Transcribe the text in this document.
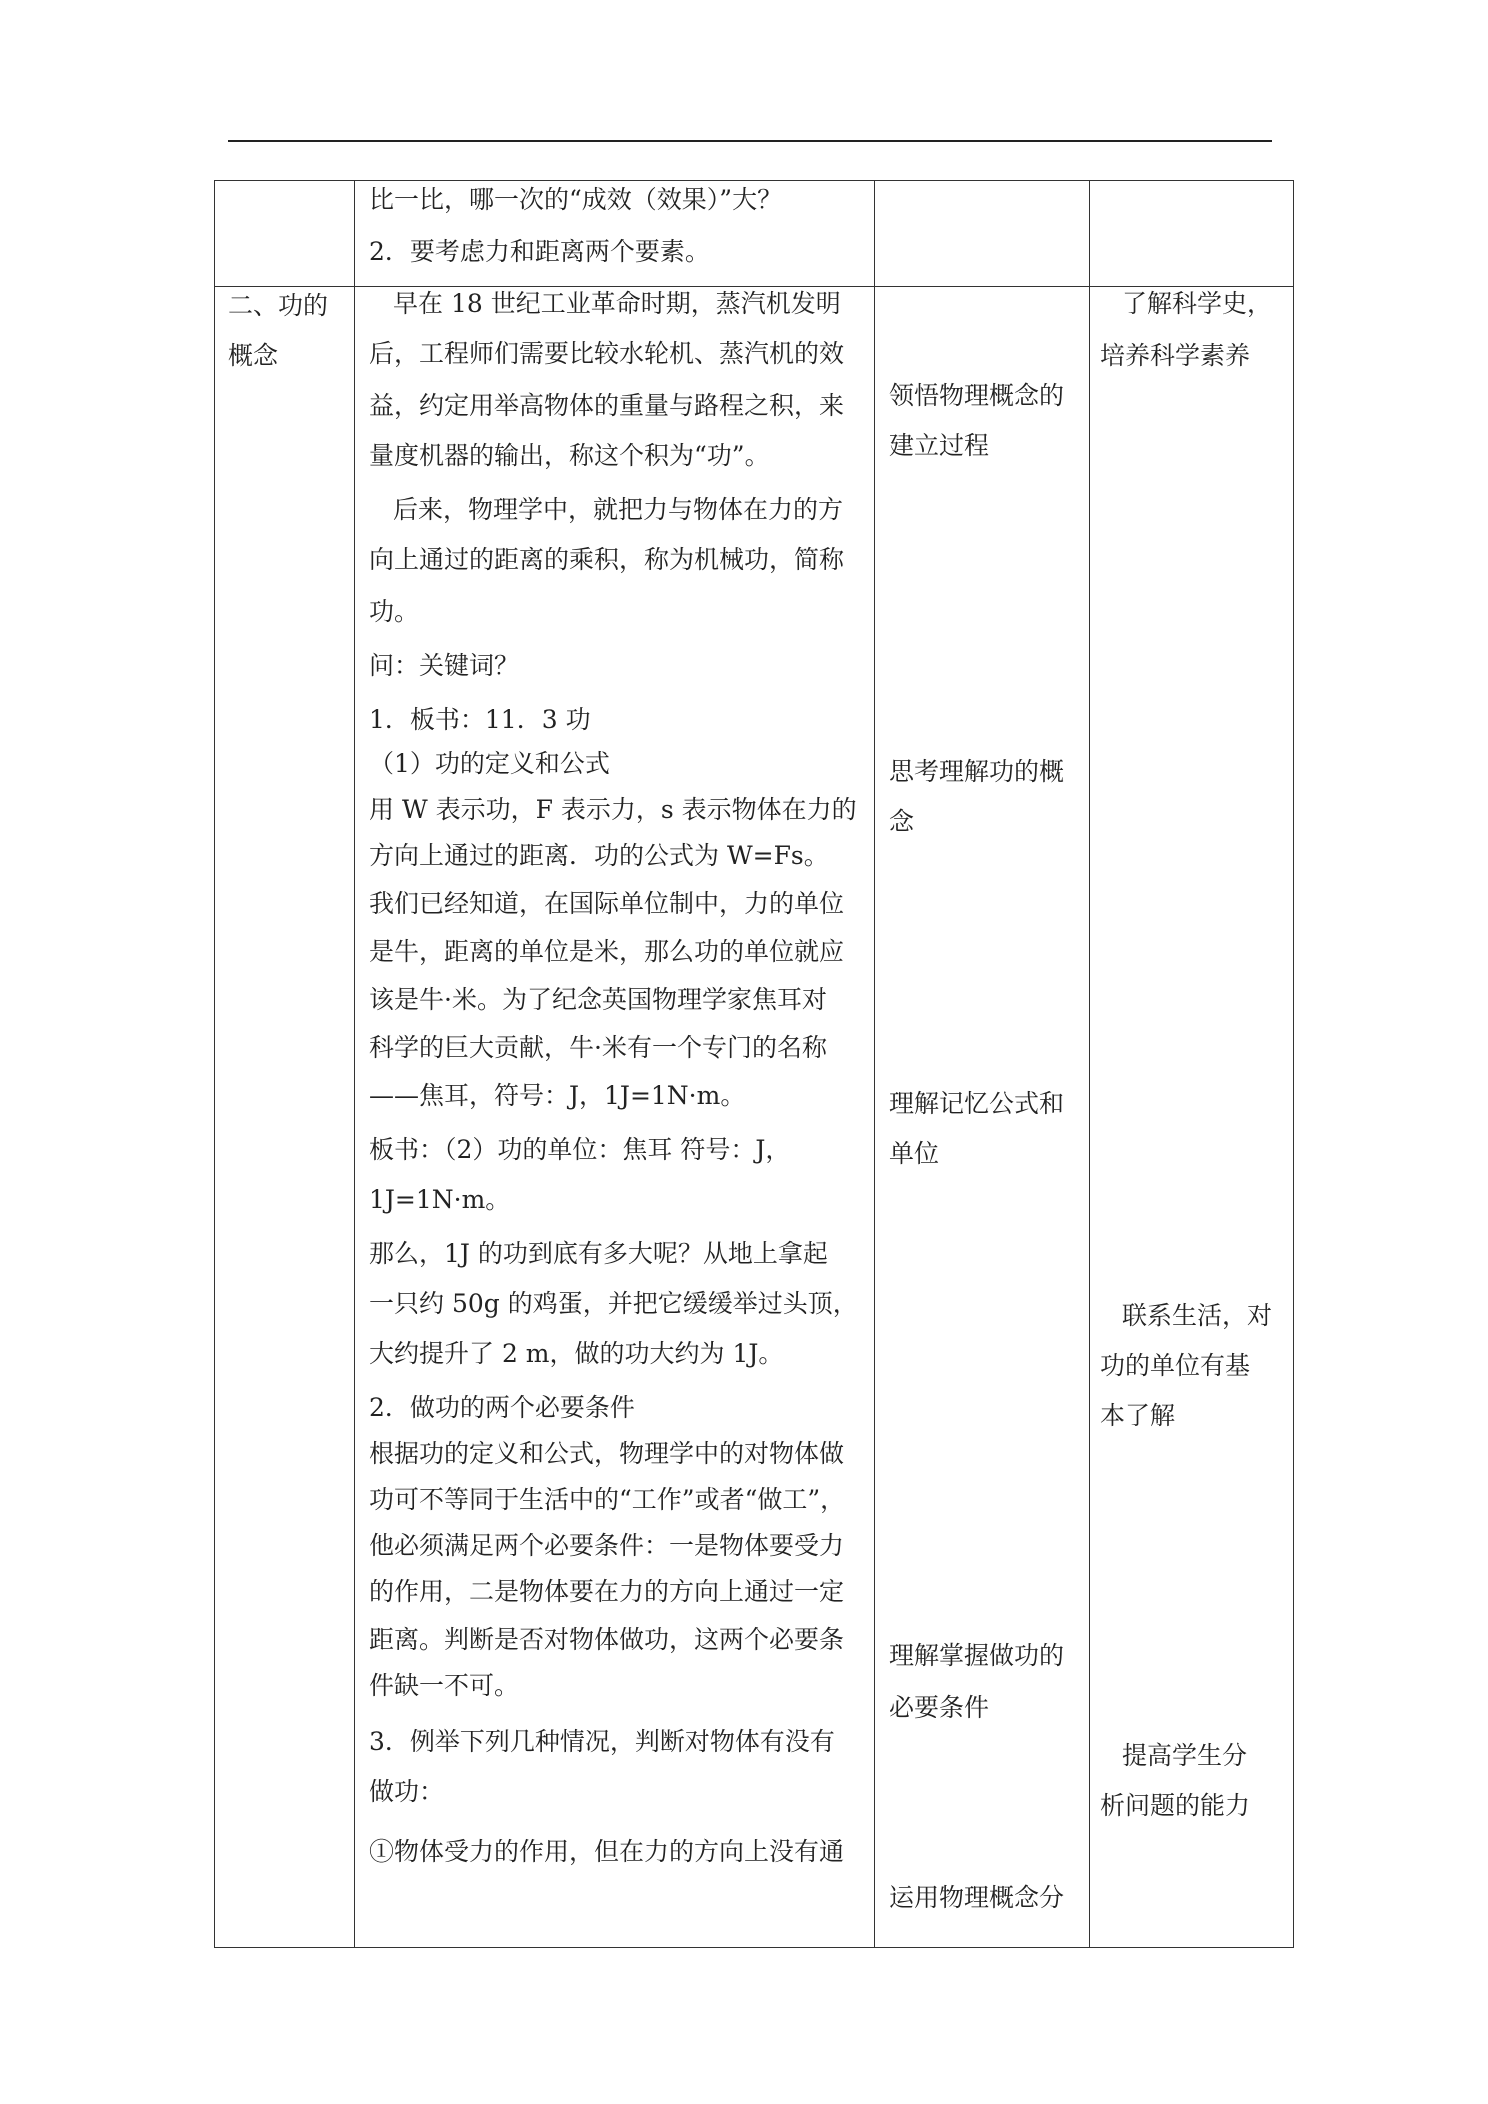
比一比，哪一次的“成效（效果）”大？
2．要考虑力和距离两个要素。
二、功的
概念
早在 18 世纪工业革命时期，蒸汽机发明
后，工程师们需要比较水轮机、蒸汽机的效
益，约定用举高物体的重量与路程之积，来
量度机器的输出，称这个积为“功”。
后来，物理学中，就把力与物体在力的方
向上通过的距离的乘积，称为机械功，简称
功。
问：关键词？
1．板书：11．3 功
（1）功的定义和公式
用 W 表示功，F 表示力，s 表示物体在力的
方向上通过的距离．功的公式为 W=Fs。
我们已经知道，在国际单位制中，力的单位
是牛，距离的单位是米，那么功的单位就应
该是牛·米。为了纪念英国物理学家焦耳对
科学的巨大贡献，牛·米有一个专门的名称
——焦耳，符号：J，1J=1N·m。
板书：（2）功的单位：焦耳 符号：J，
1J=1N·m。
那么，1J 的功到底有多大呢？从地上拿起
一只约 50g 的鸡蛋，并把它缓缓举过头顶，
大约提升了 2 m，做的功大约为 1J。
2．做功的两个必要条件
根据功的定义和公式，物理学中的对物体做
功可不等同于生活中的“工作”或者“做工”，
他必须满足两个必要条件：一是物体要受力
的作用，二是物体要在力的方向上通过一定
距离。判断是否对物体做功，这两个必要条
件缺一不可。
3．例举下列几种情况，判断对物体有没有
做功：
①物体受力的作用，但在力的方向上没有通
领悟物理概念的
建立过程
思考理解功的概
念
理解记忆公式和
单位
理解掌握做功的
必要条件
运用物理概念分
了解科学史，
培养科学素养
联系生活，对
功的单位有基
本了解
提高学生分
析问题的能力
